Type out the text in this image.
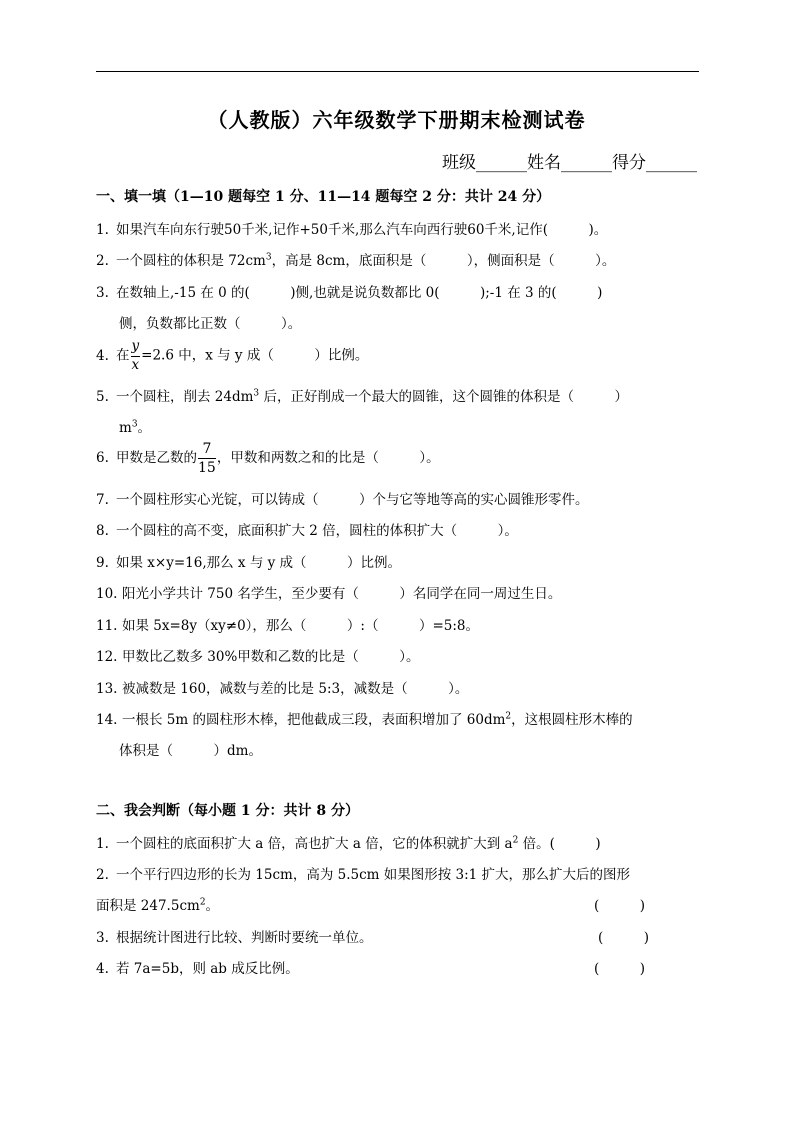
（人教版）六年级数学下册期末检测试卷
班级______姓名______得分______
一、填一填（1—10 题每空 1 分、11—14 题每空 2 分：共计 24 分）
1. 如果汽车向东行驶50千米,记作+50千米,那么汽车向西行驶60千米,记作(　　　)。
2. 一个圆柱的体积是 $72cm^3$，高是 8cm，底面积是（　　　），侧面积是（　　　）。
3. 在数轴上,-15 在 0 的(　　　)侧,也就是说负数都比 0(　　　);-1 在 3 的(　　　)
侧，负数都比正数（　　　）。
4. 在 $\frac{y}{x} =2.6$ 中，x 与 y 成（　　　）比例。
5. 一个圆柱，削去 $24dm^3$ 后，正好削成一个最大的圆锥，这个圆锥的体积是（　　　）
$m^3$。
6. 甲数是乙数的 $\frac{7}{15}$ ，甲数和两数之和的比是（　　　）。
7. 一个圆柱形实心光锭，可以铸成（　　　）个与它等地等高的实心圆锥形零件。
8. 一个圆柱的高不变，底面积扩大 2 倍，圆柱的体积扩大（　　　）。
9. 如果 x×y=16,那么 x 与 y 成（　　　）比例。
10. 阳光小学共计 750 名学生，至少要有（　　　）名同学在同一周过生日。
11. 如果 5x=8y（xy≠0），那么（　　　）:（　　　）=5:8。
12. 甲数比乙数多 30%甲数和乙数的比是（　　　）。
13. 被减数是 160，减数与差的比是 5:3，减数是（　　　）。
14. 一根长 5m 的圆柱形木棒，把他截成三段，表面积增加了 $60dm^2$，这根圆柱形木棒的
体积是（　　　）dm。
二、我会判断（每小题 1 分：共计 8 分）
1. 一个圆柱的底面积扩大 a 倍，高也扩大 a 倍，它的体积就扩大到 $a^2$ 倍。(　　　)
2. 一个平行四边形的长为 15cm，高为 5.5cm 如果图形按 3:1 扩大，那么扩大后的图形
面积是 $247.5cm^2$。	(　　　)
3. 根据统计图进行比较、判断时要统一单位。	(　　　)
4. 若 7a=5b，则 ab 成反比例。	(　　　)
